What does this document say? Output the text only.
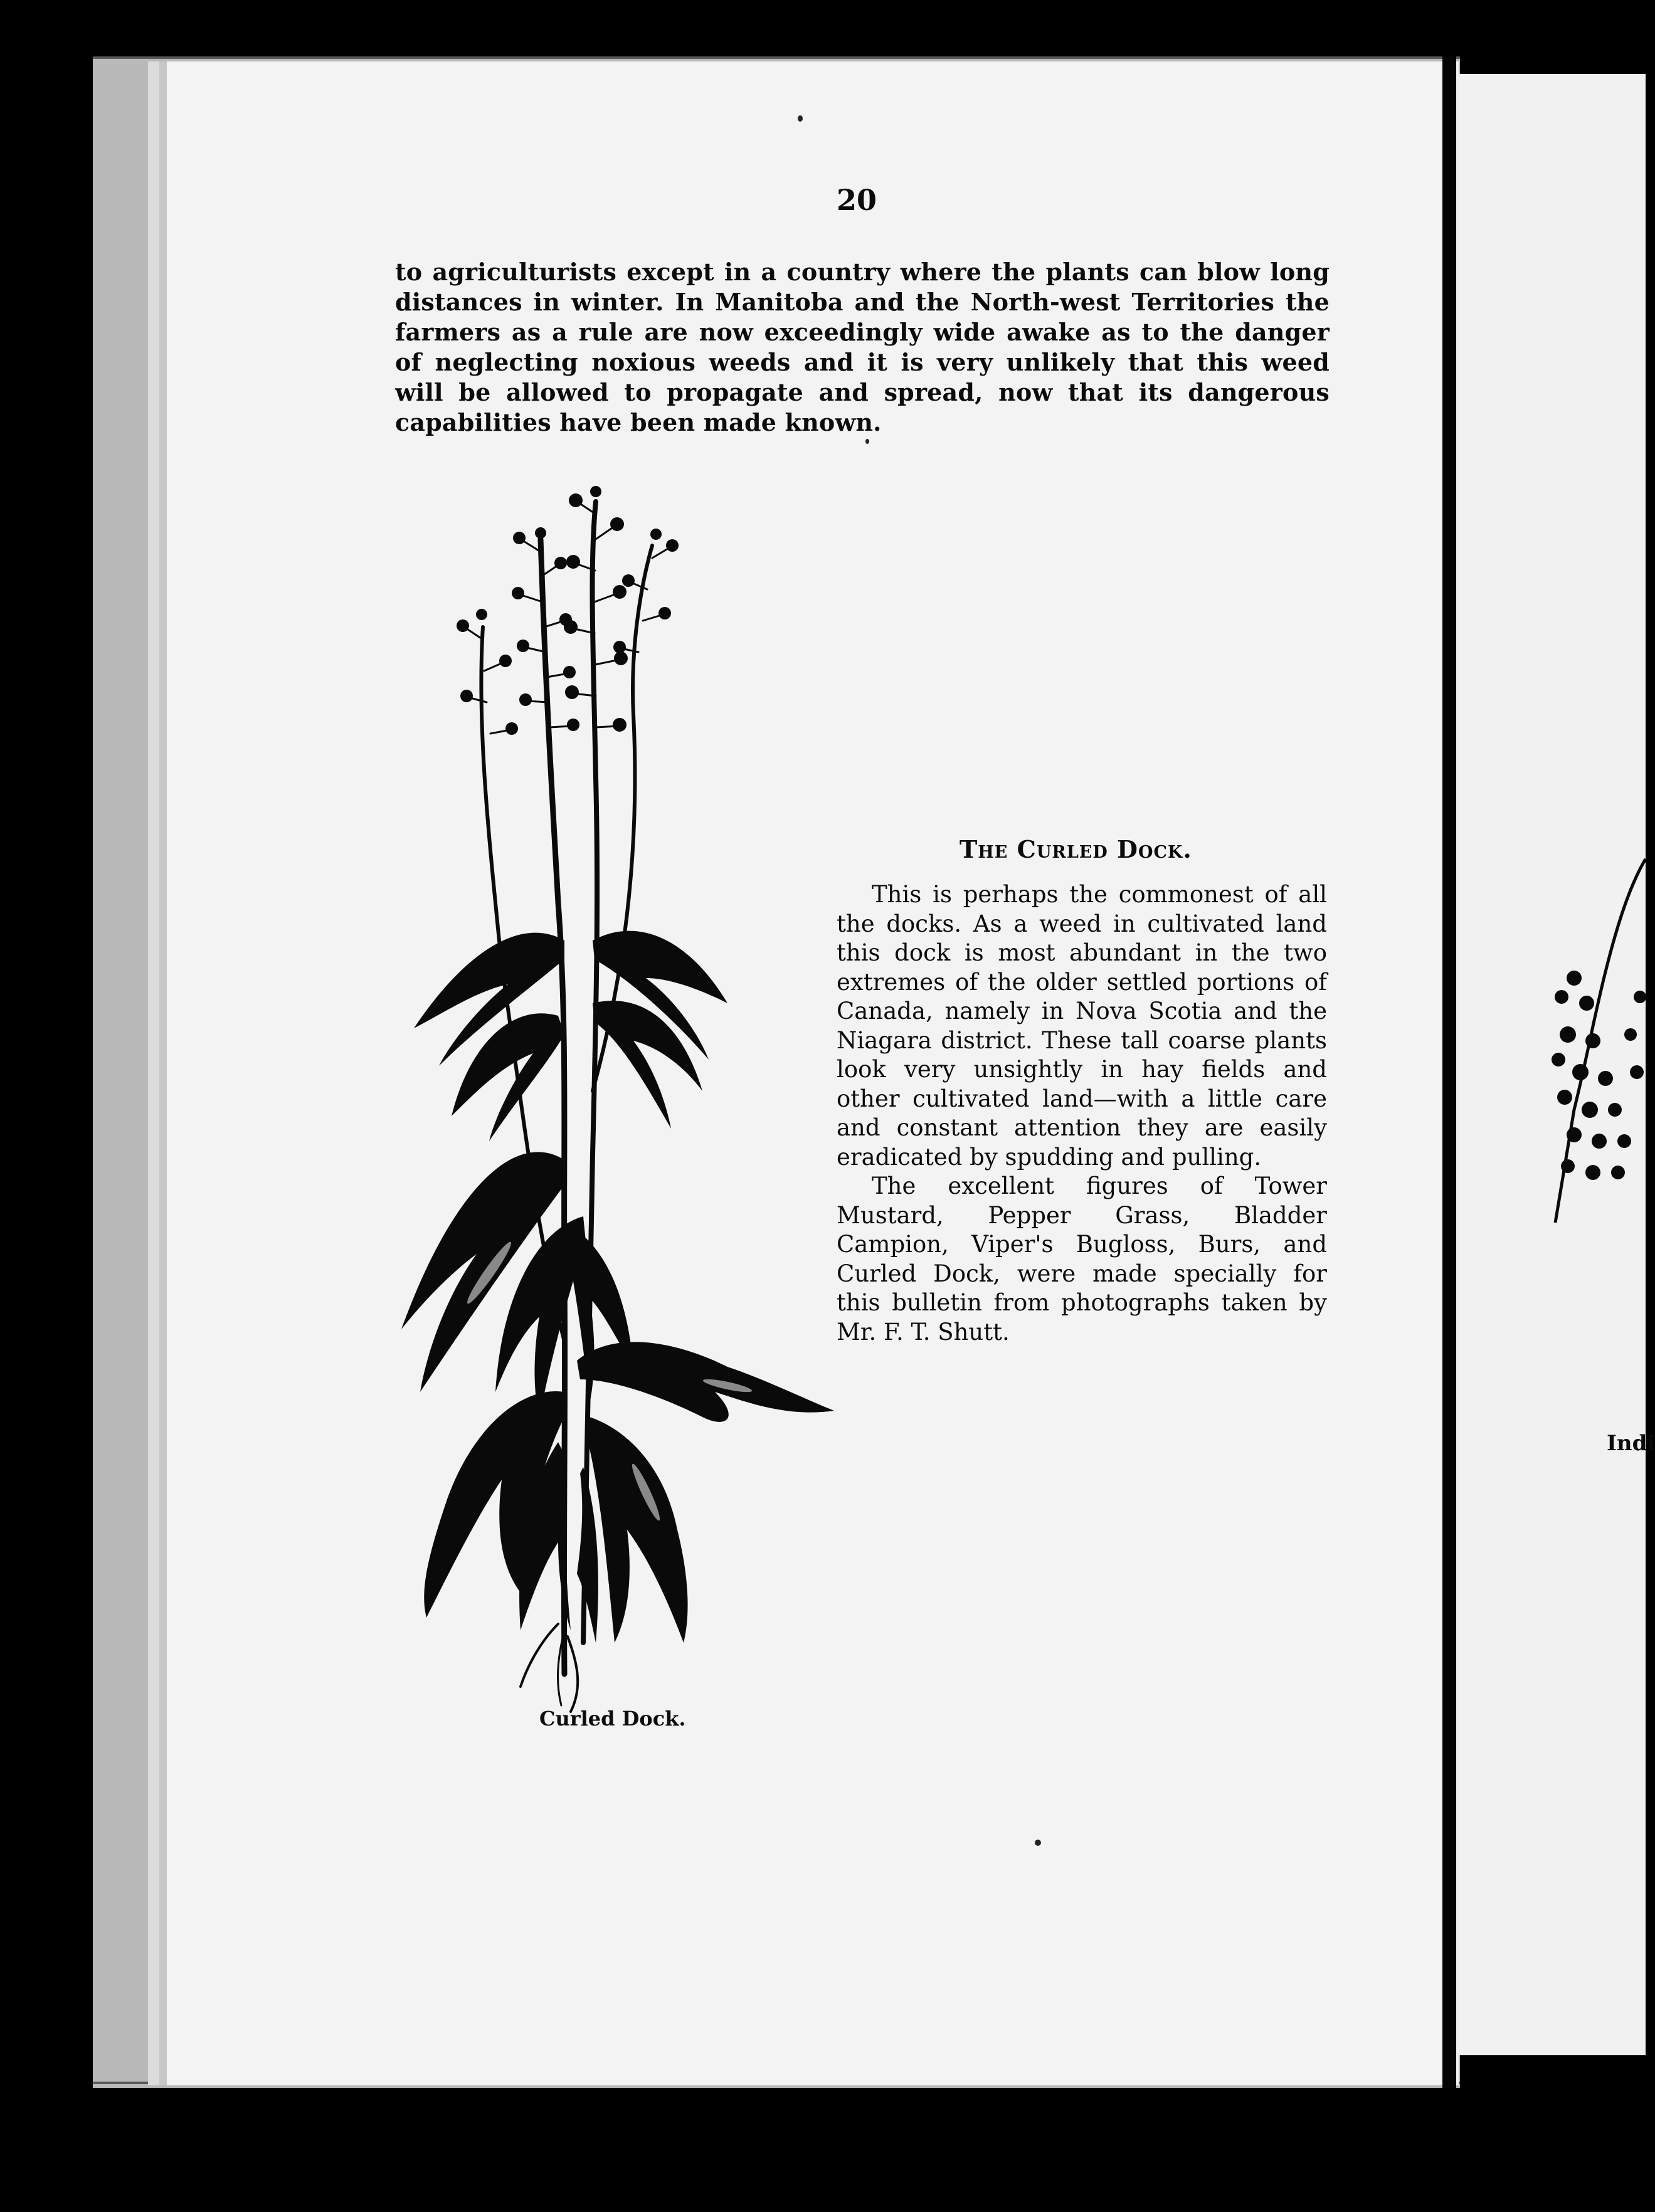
20

to agriculturists except in a country where the plants can blow long distances in winter. In Manitoba and the North-west Territories the farmers as a rule are now exceedingly wide awake as to the danger of neglecting noxious weeds and it is very unlikely that this weed will be allowed to propagate and spread, now that its dangerous capabilities have been made known.

Curled Dock.

The Curled Dock.

This is perhaps the commonest of all the docks. As a weed in cultivated land this dock is most abundant in the two extremes of the older settled portions of Canada, namely in Nova Scotia and the Niagara district. These tall coarse plants look very unsightly in hay fields and other cultivated land—with a little care and constant attention they are easily eradicated by spudding and pulling.

The excellent figures of Tower Mustard, Pepper Grass, Bladder Campion, Viper's Bugloss, Burs, and Curled Dock, were made specially for this bulletin from photographs taken by Mr. F. T. Shutt.

Indi
